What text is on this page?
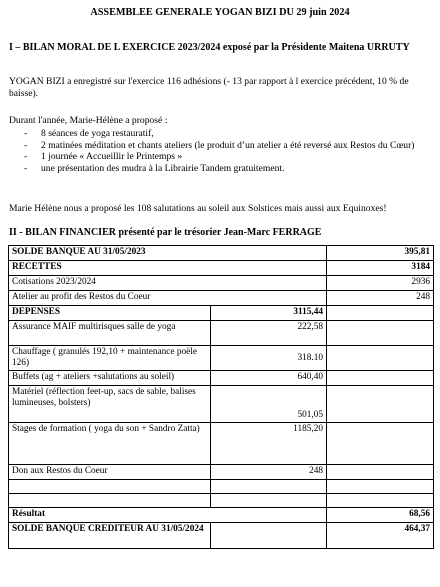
ASSEMBLEE GENERALE YOGAN BIZI DU 29 juin 2024
I – BILAN MORAL DE L EXERCICE 2023/2024 exposé par la Présidente Maitena URRUTY
YOGAN BIZI a enregistré sur l'exercice 116 adhésions (- 13 par rapport à l exercice précédent, 10 % de baisse).
Durant l'année, Marie-Hélène a proposé :
- 8 séances de yoga restauratif,
- 2 matinées méditation et chants ateliers (le produit d’un atelier a été reversé aux Restos du Cœur)
- 1 journée « Accueillir le Printemps »
- une présentation des mudra à la Librairie Tandem gratuitement.
Marie Hélène nous a proposé les 108 salutations au soleil aux Solstices mais aussi aux Equinoxes!
II - BILAN FINANCIER présenté par le trésorier Jean-Marc FERRAGE
SOLDE BANQUE AU 31/05/2023		395,81
RECETTES		3184
Cotisations 2023/2024		2936
Atelier au profit des Restos du Coeur		248
DEPENSES	3115,44	
Assurance MAIF multirisques salle de yoga	222,58	
Chauffage ( granulés 192,10 + maintenance poële 126)	318.10	
Buffets (ag + ateliers +salutations au soleil)	640,40	
Matériel (réflection feet-up, sacs de sable, balises lumineuses, bolsters)	501,05	
Stages de formation ( yoga du son + Sandro Zatta)	1185,20	
Don aux Restos du Coeur	248	

Résultat		68,56
SOLDE BANQUE CREDITEUR AU 31/05/2024		464,37
